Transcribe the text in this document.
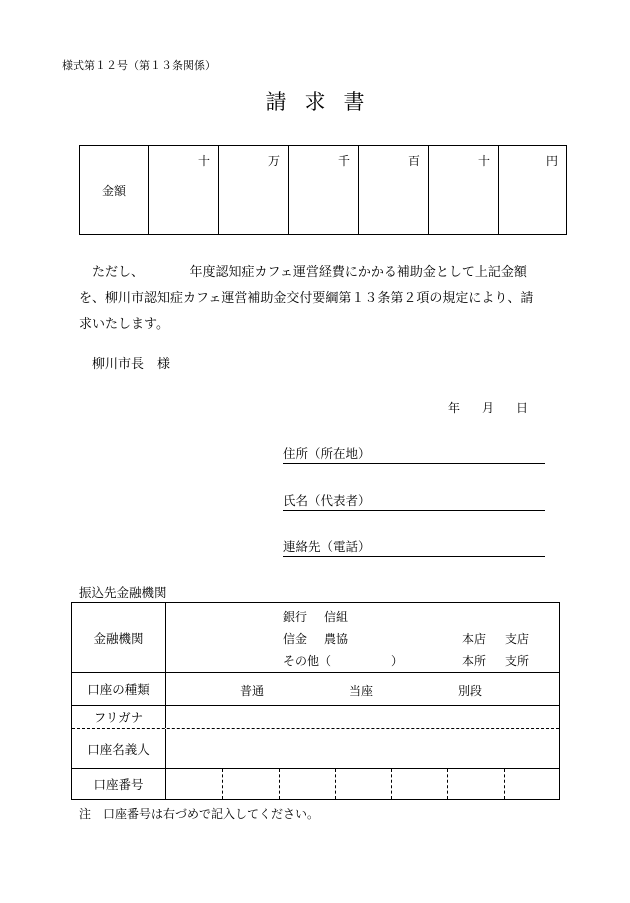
様式第１２号（第１３条関係）
請求書
金額
十	万	千	百	十	円
ただし、　　　　年度認知症カフェ運営経費にかかる補助金として上記金額
を、柳川市認知症カフェ運営補助金交付要綱第１３条第２項の規定により、請
求いたします。
柳川市長　様
年 月 日
住所（所在地）
氏名（代表者）
連絡先（電話）
振込先金融機関
金融機関
銀行 信組
信金 農協
その他（　　　　　）
本店 支店
本所 支所
口座の種類	普通	当座	別段
フリガナ
口座名義人
口座番号
注　口座番号は右づめで記入してください。
